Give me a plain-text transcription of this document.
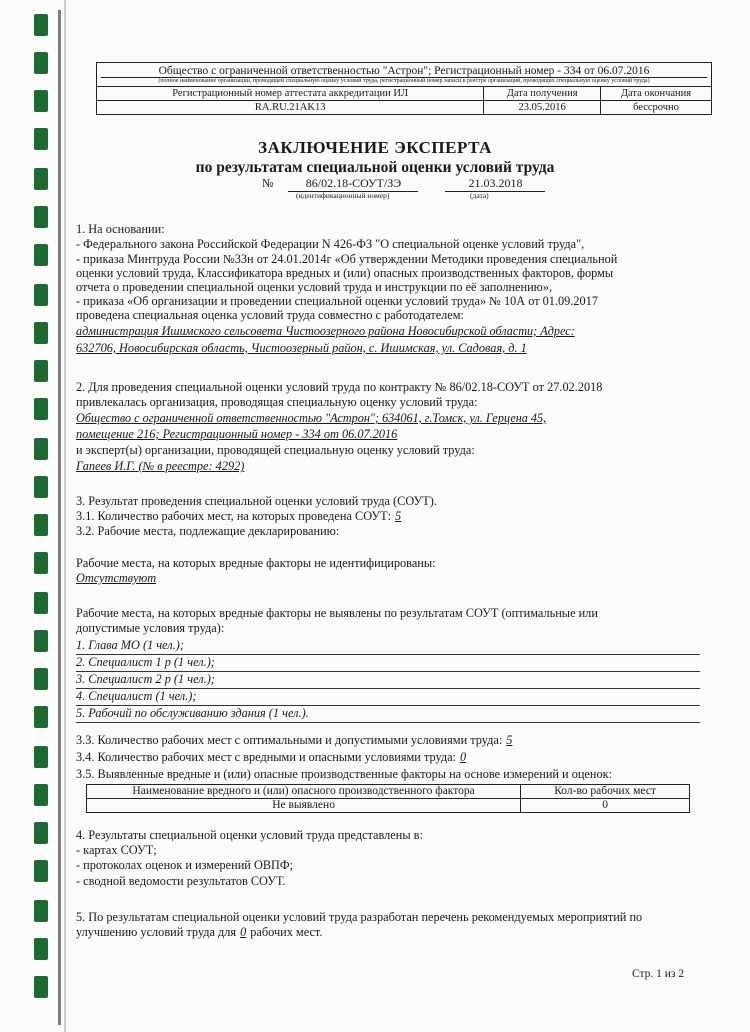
Общество с ограниченной ответственностью "Астрон"; Регистрационный номер - 334 от 06.07.2016
(полное наименование организации, проводящей специальную оценку условий труда, регистрационный номер записи в реестре организаций, проводящих специальную оценку условий труда)
Регистрационный номер аттестата аккредитации ИЛ	Дата получения	Дата окончания
RA.RU.21AK13	23.05.2016	бессрочно
ЗАКЛЮЧЕНИЕ ЭКСПЕРТА
по результатам специальной оценки условий труда
№	86/02.18-СОУТ/ЗЭ	21.03.2018
(идентификационный номер)	(дата)
1. На основании:
- Федерального закона Российской Федерации N 426-ФЗ "О специальной оценке условий труда",
- приказа Минтруда России №33н от 24.01.2014г «Об утверждении Методики проведения специальной
оценки условий труда, Классификатора вредных и (или) опасных производственных факторов, формы
отчета о проведении специальной оценки условий труда и инструкции по её заполнению»,
- приказа «Об организации и проведении специальной оценки условий труда» № 10А от 01.09.2017
проведена специальная оценка условий труда совместно с работодателем:
администрация Ишимского сельсовета Чистоозерного района Новосибирской области; Адрес:
632706, Новосибирская область, Чистоозерный район, с. Ишимская, ул. Садовая, д. 1
2. Для проведения специальной оценки условий труда по контракту № 86/02.18-СОУТ от 27.02.2018
привлекалась организация, проводящая специальную оценку условий труда:
Общество с ограниченной ответственностью "Астрон"; 634061, г.Томск, ул. Герцена 45,
помещение 216; Регистрационный номер - 334 от 06.07.2016
и эксперт(ы) организации, проводящей специальную оценку условий труда:
Гапеев И.Г. (№ в реестре: 4292)
3. Результат проведения специальной оценки условий труда (СОУТ).
3.1. Количество рабочих мест, на которых проведена СОУТ: 5
3.2. Рабочие места, подлежащие декларированию:
Рабочие места, на которых вредные факторы не идентифицированы:
Отсутствуют
Рабочие места, на которых вредные факторы не выявлены по результатам СОУТ (оптимальные или
допустимые условия труда):
1. Глава МО (1 чел.);
2. Специалист 1 р (1 чел.);
3. Специалист 2 р (1 чел.);
4. Специалист (1 чел.);
5. Рабочий по обслуживанию здания (1 чел.).
3.3. Количество рабочих мест с оптимальными и допустимыми условиями труда: 5
3.4. Количество рабочих мест с вредными и опасными условиями труда: 0
3.5. Выявленные вредные и (или) опасные производственные факторы на основе измерений и оценок:
Наименование вредного и (или) опасного производственного фактора	Кол-во рабочих мест
Не выявлено	0
4. Результаты специальной оценки условий труда представлены в:
- картах СОУТ;
- протоколах оценок и измерений ОВПФ;
- сводной ведомости результатов СОУТ.
5. По результатам специальной оценки условий труда разработан перечень рекомендуемых мероприятий по
улучшению условий труда для 0 рабочих мест.
Стр. 1 из 2
